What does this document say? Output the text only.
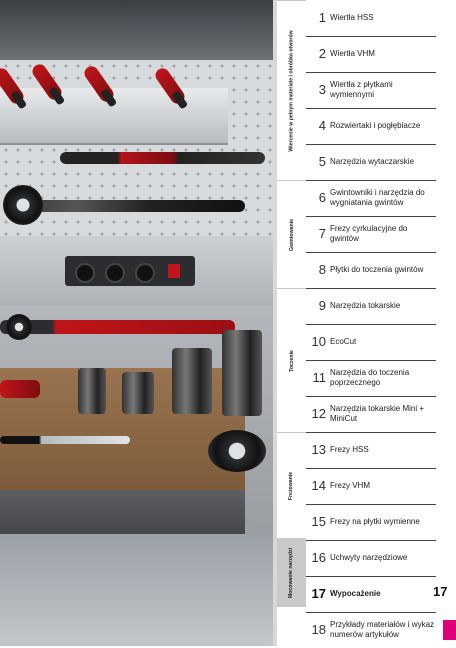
Wiercenie w pełnym materiale i obróbka otworów
Gwintowanie
Toczenie
Frezowanie
Mocowanie narzędzi
1 Wiertła HSS
2 Wiertła VHM
3 Wiertła z płytkami wymiennymi
4 Rozwiertaki i pogłębiacze
5 Narzędzia wytaczarskie
6 Gwintowniki i narzędzia do wygniatania gwintów
7 Frezy cyrkulacyjne do gwintów
8 Płytki do toczenia gwintów
9 Narzędzia tokarskie
10 EcoCut
11 Narzędzia do toczenia poprzecznego
12 Narzędzia tokarskie Mini + MiniCut
13 Frezy HSS
14 Frezy VHM
15 Frezy na płytki wymienne
16 Uchwyty narzędziowe
17 Wypocażenie
18 Przykłady materiałów i wykaz numerów artykułów
17
